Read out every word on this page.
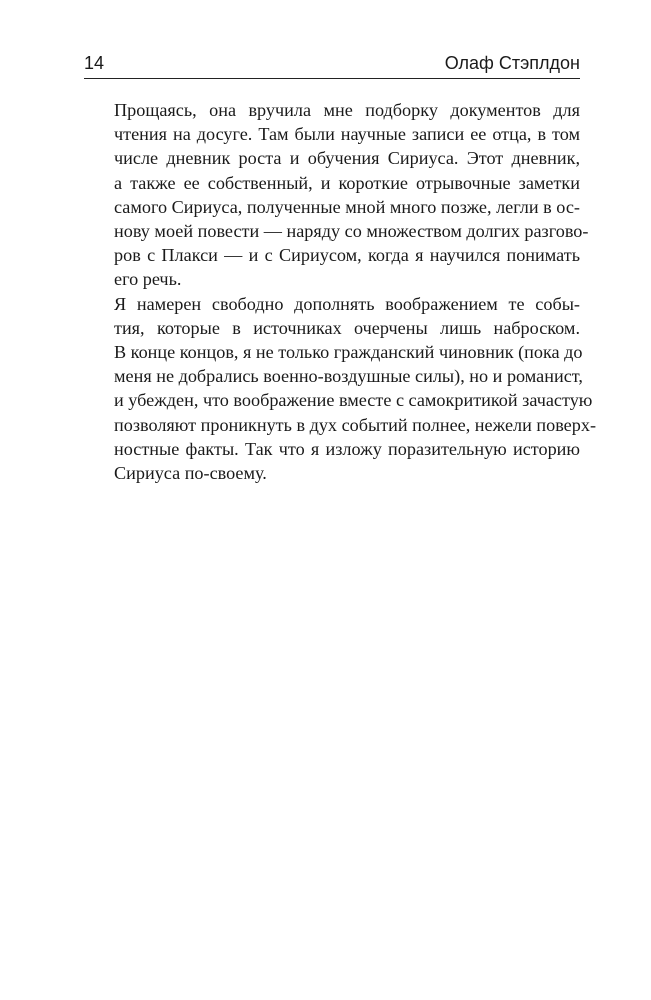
14	Олаф Стэплдон
Прощаясь, она вручила мне подборку документов для
чтения на досуге. Там были научные записи ее отца, в том
числе дневник роста и обучения Сириуса. Этот дневник,
а также ее собственный, и короткие отрывочные заметки
самого Сириуса, полученные мной много позже, легли в ос-
нову моей повести — наряду со множеством долгих разгово-
ров с Плакси — и с Сириусом, когда я научился понимать
его речь.
Я намерен свободно дополнять воображением те собы-
тия, которые в источниках очерчены лишь наброском.
В конце концов, я не только гражданский чиновник (пока до
меня не добрались военно-воздушные силы), но и романист,
и убежден, что воображение вместе с самокритикой зачастую
позволяют проникнуть в дух событий полнее, нежели поверх-
ностные факты. Так что я изложу поразительную историю
Сириуса по-своему.
